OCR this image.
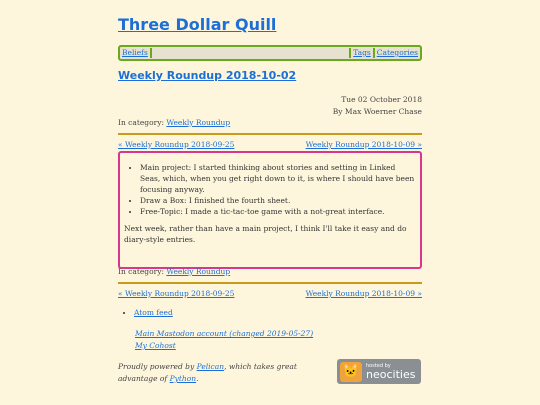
Three Dollar Quill
Beliefs	Tags Categories
Weekly Roundup 2018-10-02
Tue 02 October 2018
By Max Woerner Chase
In category: Weekly Roundup
« Weekly Roundup 2018-09-25	Weekly Roundup 2018-10-09 »
• Main project: I started thinking about stories and setting in Linked Seas, which, when you get right down to it, is where I should have been focusing anyway.
• Draw a Box: I finished the fourth sheet.
• Free-Topic: I made a tic-tac-toe game with a not-great interface.

Next week, rather than have a main project, I think I'll take it easy and do diary-style entries.

In category: Weekly Roundup
« Weekly Roundup 2018-09-25	Weekly Roundup 2018-10-09 »
• Atom feed
Main Mastodon account (changed 2019-05-27)
My Cohost
Proudly powered by Pelican, which takes great advantage of Python.	🐱	hosted by
neocities
